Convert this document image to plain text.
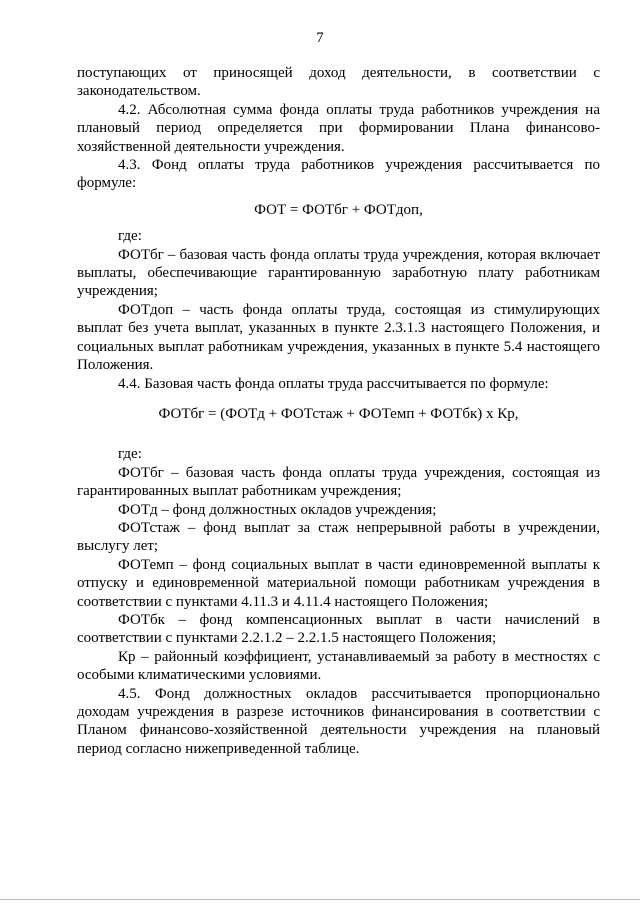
7

поступающих от приносящей доход деятельности, в соответствии с законодательством.

4.2. Абсолютная сумма фонда оплаты труда работников учреждения на плановый период определяется при формировании Плана финансово-хозяйственной деятельности учреждения.

4.3. Фонд оплаты труда работников учреждения рассчитывается по формуле:

ФОТ = ФОТбг + ФОТдоп,

где:

ФОТбг – базовая часть фонда оплаты труда учреждения, которая включает выплаты, обеспечивающие гарантированную заработную плату работникам учреждения;

ФОТдоп – часть фонда оплаты труда, состоящая из стимулирующих выплат без учета выплат, указанных в пункте 2.3.1.3 настоящего Положения, и социальных выплат работникам учреждения, указанных в пункте 5.4 настоящего Положения.

4.4. Базовая часть фонда оплаты труда рассчитывается по формуле:

ФОТбг = (ФОТд + ФОТстаж + ФОТемп + ФОТбк) х Кр,

где:

ФОТбг – базовая часть фонда оплаты труда учреждения, состоящая из гарантированных выплат работникам учреждения;

ФОТд – фонд должностных окладов учреждения;

ФОТстаж – фонд выплат за стаж непрерывной работы в учреждении, выслугу лет;

ФОТемп – фонд социальных выплат в части единовременной выплаты к отпуску и единовременной материальной помощи работникам учреждения в соответствии с пунктами 4.11.3 и 4.11.4 настоящего Положения;

ФОТбк – фонд компенсационных выплат в части начислений в соответствии с пунктами 2.2.1.2 – 2.2.1.5 настоящего Положения;

Кр – районный коэффициент, устанавливаемый за работу в местностях с особыми климатическими условиями.

4.5. Фонд должностных окладов рассчитывается пропорционально доходам учреждения в разрезе источников финансирования в соответствии с Планом финансово-хозяйственной деятельности учреждения на плановый период согласно нижеприведенной таблице.
